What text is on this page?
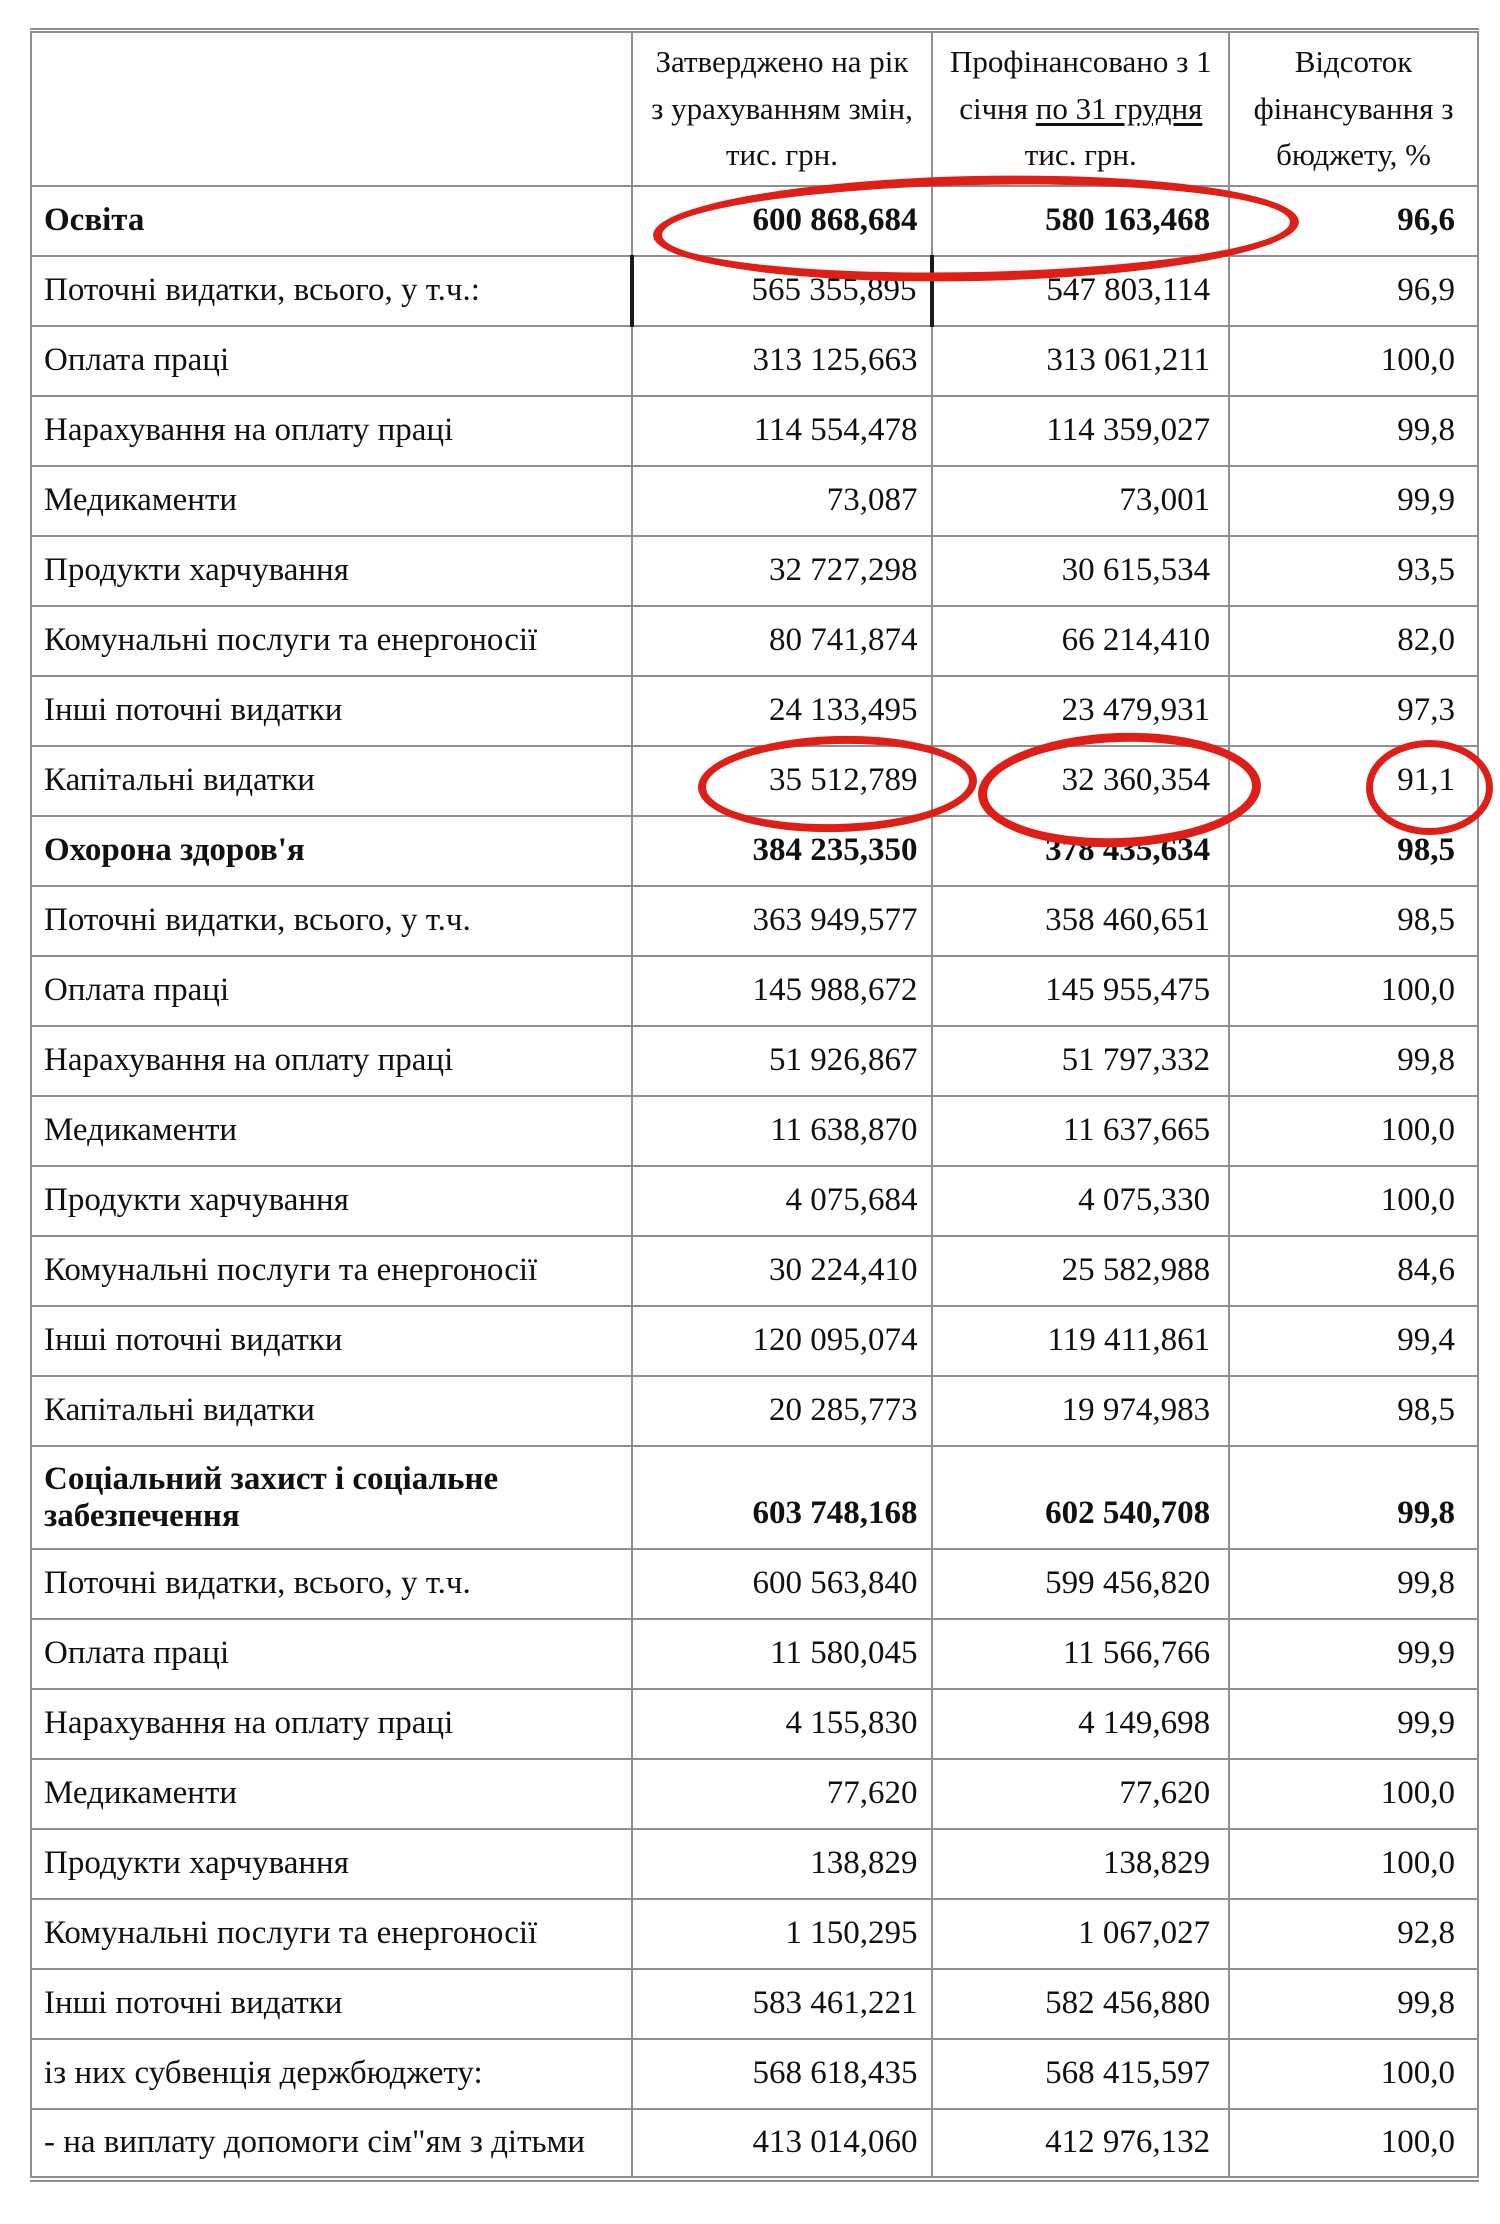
	Затверджено на рік з урахуванням змін, тис. грн.	Профінансовано з 1 січня по 31 грудня тис. грн.	Відсоток фінансування з бюджету, %
Освіта	600 868,684	580 163,468	96,6
Поточні видатки, всього, у т.ч.:	565 355,895	547 803,114	96,9
Оплата праці	313 125,663	313 061,211	100,0
Нарахування на оплату праці	114 554,478	114 359,027	99,8
Медикаменти	73,087	73,001	99,9
Продукти харчування	32 727,298	30 615,534	93,5
Комунальні послуги та енергоносії	80 741,874	66 214,410	82,0
Інші поточні видатки	24 133,495	23 479,931	97,3
Капітальні видатки	35 512,789	32 360,354	91,1

Охорона здоров'я	384 235,350	378 435,634	98,5
Поточні видатки, всього, у т.ч.	363 949,577	358 460,651	98,5
Оплата праці	145 988,672	145 955,475	100,0
Нарахування на оплату праці	51 926,867	51 797,332	99,8
Медикаменти	11 638,870	11 637,665	100,0
Продукти харчування	4 075,684	4 075,330	100,0
Комунальні послуги та енергоносії	30 224,410	25 582,988	84,6
Інші поточні видатки	120 095,074	119 411,861	99,4
Капітальні видатки	20 285,773	19 974,983	98,5
Соціальний захист і соціальне забезпечення	603 748,168	602 540,708	99,8
Поточні видатки, всього, у т.ч.	600 563,840	599 456,820	99,8
Оплата праці	11 580,045	11 566,766	99,9
Нарахування на оплату праці	4 155,830	4 149,698	99,9
Медикаменти	77,620	77,620	100,0
Продукти харчування	138,829	138,829	100,0
Комунальні послуги та енергоносії	1 150,295	1 067,027	92,8
Інші поточні видатки	583 461,221	582 456,880	99,8
із них субвенція держбюджету:	568 618,435	568 415,597	100,0
- на виплату допомоги сім"ям з дітьми	413 014,060	412 976,132	100,0
